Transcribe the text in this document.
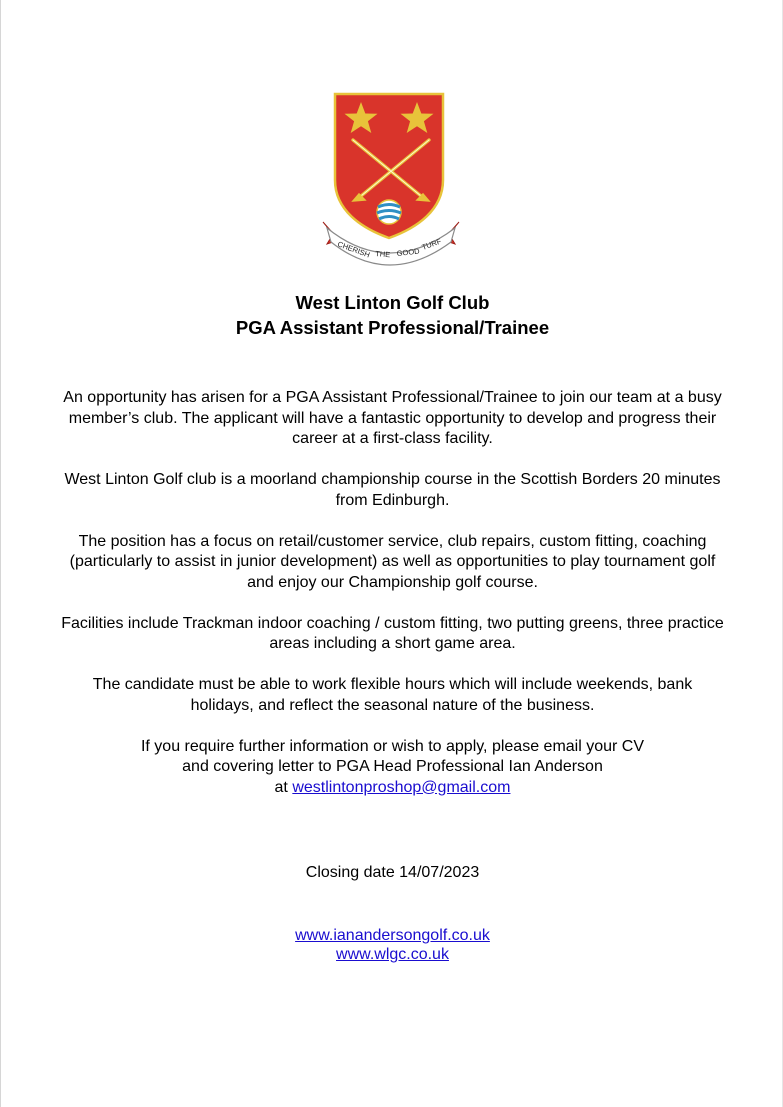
CHERISH THE GOOD
TURF
West Linton Golf Club
PGA Assistant Professional/Trainee

An opportunity has arisen for a PGA Assistant Professional/Trainee to join our team at a busy member’s club. The applicant will have a fantastic opportunity to develop and progress their career at a first-class facility.

West Linton Golf club is a moorland championship course in the Scottish Borders 20 minutes from Edinburgh.

The position has a focus on retail/customer service, club repairs, custom fitting, coaching (particularly to assist in junior development) as well as opportunities to play tournament golf and enjoy our Championship golf course.

Facilities include Trackman indoor coaching / custom fitting, two putting greens, three practice areas including a short game area.

The candidate must be able to work flexible hours which will include weekends, bank holidays, and reflect the seasonal nature of the business.

If you require further information or wish to apply, please email your CV
and covering letter to PGA Head Professional Ian Anderson
at westlintonproshop@gmail.com

Closing date 14/07/2023
www.ianandersongolf.co.uk
www.wlgc.co.uk
